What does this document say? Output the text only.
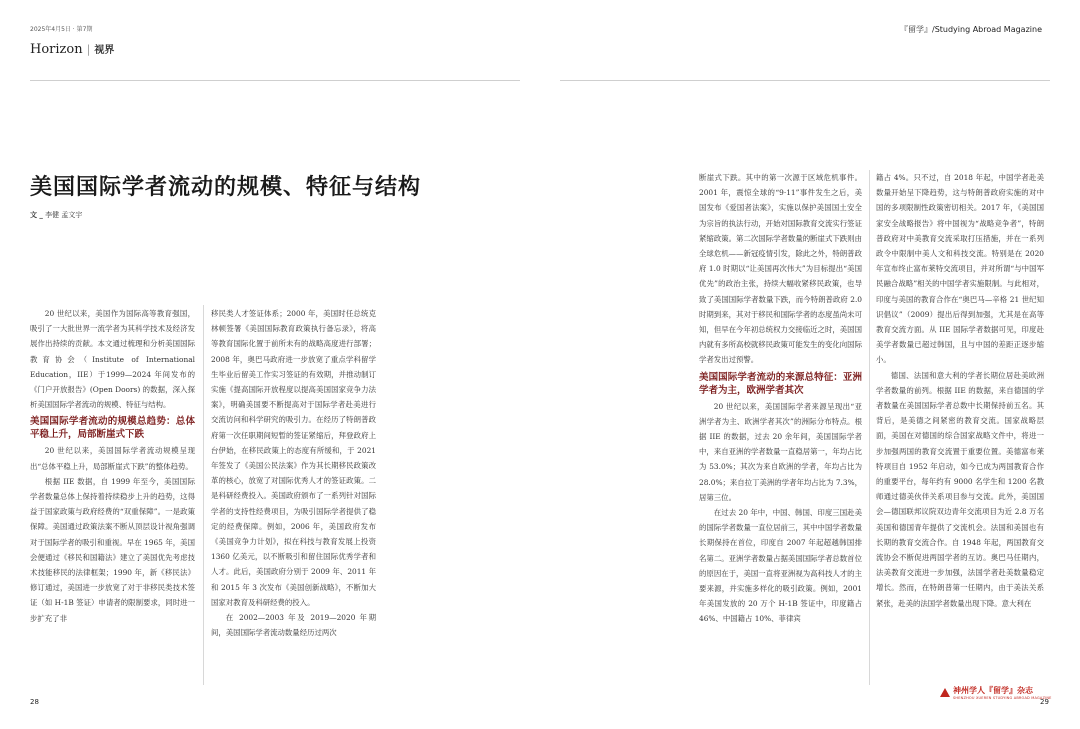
2025年4月5日 · 第7期
Horizon | 视界
『留学』/Studying Abroad Magazine
美国国际学者流动的规模、特征与结构
文 _ 李健 孟文宇

20 世纪以来，美国作为国际高等教育强国，吸引了一大批世界一流学者为其科学技术及经济发展作出持续的贡献。本文通过梳理和分析美国国际教育协会（Institute of International Education，IIE）于1999—2024 年间发布的《门户开放报告》(Open Doors) 的数据，深入探析美国国际学者流动的规模、特征与结构。

美国国际学者流动的规模总趋势：总体平稳上升，局部断崖式下跌

20 世纪以来，美国国际学者流动规模呈现出“总体平稳上升，局部断崖式下跌”的整体趋势。

根据 IIE 数据，自 1999 年至今，美国国际学者数量总体上保持着持续稳步上升的趋势，这得益于国家政策与政府经费的“双重保障”。一是政策保障。美国通过政策法案不断从顶层设计视角强调对于国际学者的吸引和重视。早在 1965 年，美国会便通过《移民和国籍法》建立了美国优先考虑技术技能移民的法律框架；1990 年，新《移民法》修订通过，美国进一步放宽了对于非移民类技术签证（如 H-1B 签证）申请者的限制要求，同时进一步扩充了非

移民类人才签证体系；2000 年，美国时任总统克林顿签署《美国国际教育政策执行备忘录》，将高等教育国际化置于前所未有的战略高度进行部署；2008 年，奥巴马政府进一步放宽了重点学科留学生毕业后留美工作实习签证的有效期，并推动制订实施《提高国际开放程度以提高美国国家竞争力法案》，明确美国要不断提高对于国际学者赴美进行交流访问和科学研究的吸引力。在经历了特朗普政府第一次任职期间短暂的签证紧缩后，拜登政府上台伊始，在移民政策上的态度有所缓和，于 2021 年签发了《美国公民法案》作为其长期移民政策改革的核心，放宽了对国际优秀人才的签证政策。二是科研经费投入。美国政府颁布了一系列针对国际学者的支持性经费项目，为吸引国际学者提供了稳定的经费保障。例如，2006 年，美国政府发布《美国竞争力计划》，拟在科技与教育发展上投资 1360 亿美元，以不断吸引和留住国际优秀学者和人才。此后，美国政府分别于 2009 年、2011 年和 2015 年 3 次发布《美国创新战略》，不断加大国家对教育及科研经费的投入。

在 2002—2003 年及 2019—2020 年期间，美国国际学者流动数量经历过两次

断崖式下跌。其中的第一次源于区域危机事件。2001 年，震惊全球的“9·11”事件发生之后，美国发布《爱国者法案》，实施以保护美国国土安全为宗旨的执法行动，开始对国际教育交流实行签证紧缩政策。第二次国际学者数量的断崖式下跌则由全球危机——新冠疫情引发，除此之外，特朗普政府 1.0 时期以“让美国再次伟大”为目标提出“美国优先”的政治主张，持续大幅收紧移民政策，也导致了美国国际学者数量下跌，而今特朗普政府 2.0 时期到来，其对于移民和国际学者的态度虽尚未可知，但早在今年初总统权力交接临近之时，美国国内就有多所高校就移民政策可能发生的变化向国际学者发出过预警。

美国国际学者流动的来源总特征：亚洲学者为主，欧洲学者其次

20 世纪以来，美国国际学者来源呈现出“亚洲学者为主、欧洲学者其次”的洲际分布特点。根据 IIE 的数据，过去 20 余年间，美国国际学者中，来自亚洲的学者数量一直稳居第一，年均占比为 53.0%；其次为来自欧洲的学者，年均占比为 28.0%；来自拉丁美洲的学者年均占比为 7.3%，居第三位。

在过去 20 年中，中国、韩国、印度三国赴美的国际学者数量一直位居前三，其中中国学者数量长期保持在首位，印度自 2007 年起超越韩国排名第二。亚洲学者数量占据美国国际学者总数首位的原因在于，美国一直将亚洲视为高科技人才的主要来源，并实施多样化的吸引政策。例如，2001 年美国发放的 20 万个 H-1B 签证中，印度籍占 46%、中国籍占 10%、菲律宾

籍占 4%。只不过，自 2018 年起，中国学者赴美数量开始呈下降趋势，这与特朗普政府实施的对中国的多项限制性政策密切相关。2017 年，《美国国家安全战略报告》将中国视为“战略竞争者”，特朗普政府对中美教育交流采取打压措施，并在一系列政令中限制中美人文和科技交流。特别是在 2020 年宣布终止富布莱特交流项目，并对所谓“与中国军民融合战略”相关的中国学者实施限制。与此相对，印度与美国的教育合作在“奥巴马—辛格 21 世纪知识倡议”（2009）提出后得到加强，尤其是在高等教育交流方面。从 IIE 国际学者数据可见，印度赴美学者数量已超过韩国，且与中国的差距正逐步缩小。

德国、法国和意大利的学者长期位居赴美欧洲学者数量的前列。根据 IIE 的数据，来自德国的学者数量在美国国际学者总数中长期保持前五名。其背后，是美德之间紧密的教育交流。国家战略层面，美国在对德国的综合国家战略文件中，将进一步加强两国的教育交流置于重要位置。美德富布莱特项目自 1952 年启动，如今已成为两国教育合作的重要平台，每年约有 9000 名学生和 1200 名教师通过德美伙伴关系项目参与交流。此外，美国国会—德国联邦议院双边青年交流项目为近 2.8 万名美国和德国青年提供了交流机会。法国和美国也有长期的教育交流合作。自 1948 年起，两国教育交流协会不断促进两国学者的互访。奥巴马任期内，法美教育交流进一步加强，法国学者赴美数量稳定增长。然而，在特朗普第一任期内，由于美法关系紧张，赴美的法国学者数量出现下降。意大利在

28	29
神州学人『留学』杂志
SHENZHOU XUEREN STUDYING ABROAD MAGAZINE
